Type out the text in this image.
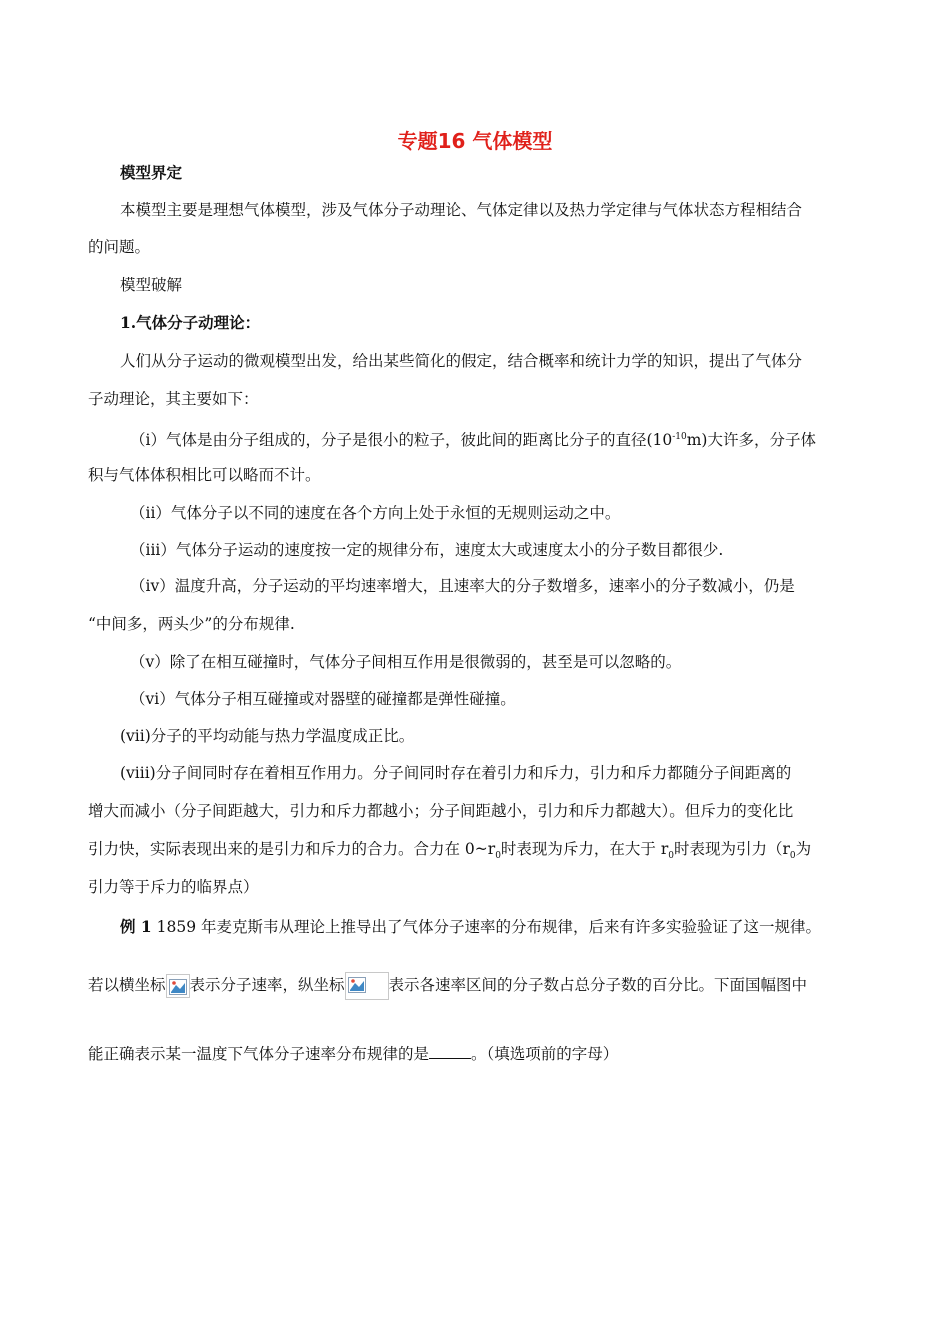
专题16 气体模型
模型界定
本模型主要是理想气体模型，涉及气体分子动理论、气体定律以及热力学定律与气体状态方程相结合
的问题。
模型破解
1.气体分子动理论：
人们从分子运动的微观模型出发，给出某些简化的假定，结合概率和统计力学的知识，提出了气体分
子动理论，其主要如下：
（i）气体是由分子组成的，分子是很小的粒子，彼此间的距离比分子的直径$(10^{-10}m)$大许多，分子体
积与气体体积相比可以略而不计。
（ii）气体分子以不同的速度在各个方向上处于永恒的无规则运动之中。
（iii）气体分子运动的速度按一定的规律分布，速度太大或速度太小的分子数目都很少.
（iv）温度升高，分子运动的平均速率增大，且速率大的分子数增多，速率小的分子数减小，仍是
“中间多，两头少”的分布规律.
（v）除了在相互碰撞时，气体分子间相互作用是很微弱的，甚至是可以忽略的。
（vi）气体分子相互碰撞或对器壁的碰撞都是弹性碰撞。
(vii)分子的平均动能与热力学温度成正比。
(viii)分子间同时存在着相互作用力。分子间同时存在着引力和斥力，引力和斥力都随分子间距离的
增大而减小（分子间距越大，引力和斥力都越小；分子间距越小，引力和斥力都越大）。但斥力的变化比
引力快，实际表现出来的是引力和斥力的合力。合力在 $0\sim r_0$时表现为斥力，在大于 $r_0$时表现为引力（$r_0$为
引力等于斥力的临界点）
例 1 1859 年麦克斯韦从理论上推导出了气体分子速率的分布规律，后来有许多实验验证了这一规律。
若以横坐标 表示分子速率，纵坐标	表示各速率区间的分子数占总分子数的百分比。下面国幅图中
能正确表示某一温度下气体分子速率分布规律的是	。（填选项前的字母）
